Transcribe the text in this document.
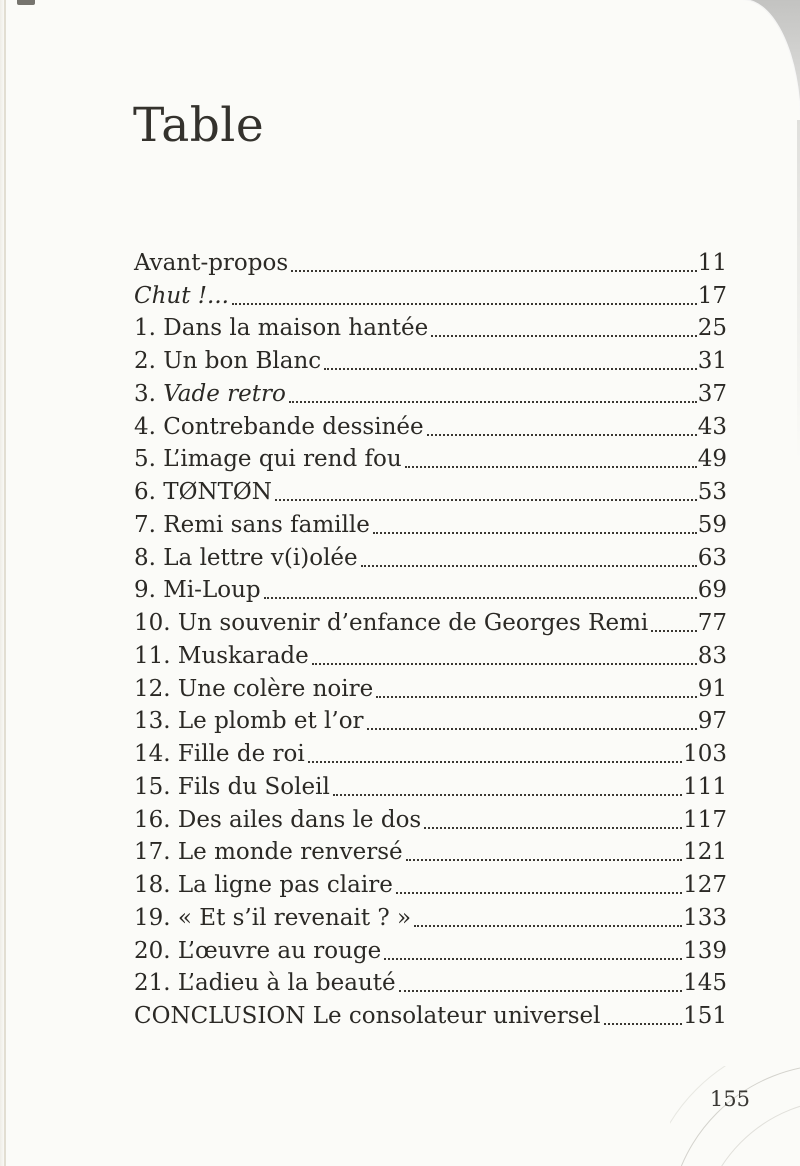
Table
Avant-propos	11
Chut !...	17
1. Dans la maison hantée	25
2. Un bon Blanc	31
3. Vade retro	37
4. Contrebande dessinée	43
5. L’image qui rend fou	49
6. TØNTØN	53
7. Remi sans famille	59
8. La lettre v(i)olée	63
9. Mi-Loup	69
10. Un souvenir d’enfance de Georges Remi 77
11. Muskarade	83
12. Une colère noire	91
13. Le plomb et l’or	97
14. Fille de roi	103
15. Fils du Soleil	111
16. Des ailes dans le dos	117
17. Le monde renversé	121
18. La ligne pas claire	127
19. « Et s’il revenait ? »	133
20. L’œuvre au rouge	139
21. L’adieu à la beauté	145
CONCLUSION Le consolateur universel	151
155
